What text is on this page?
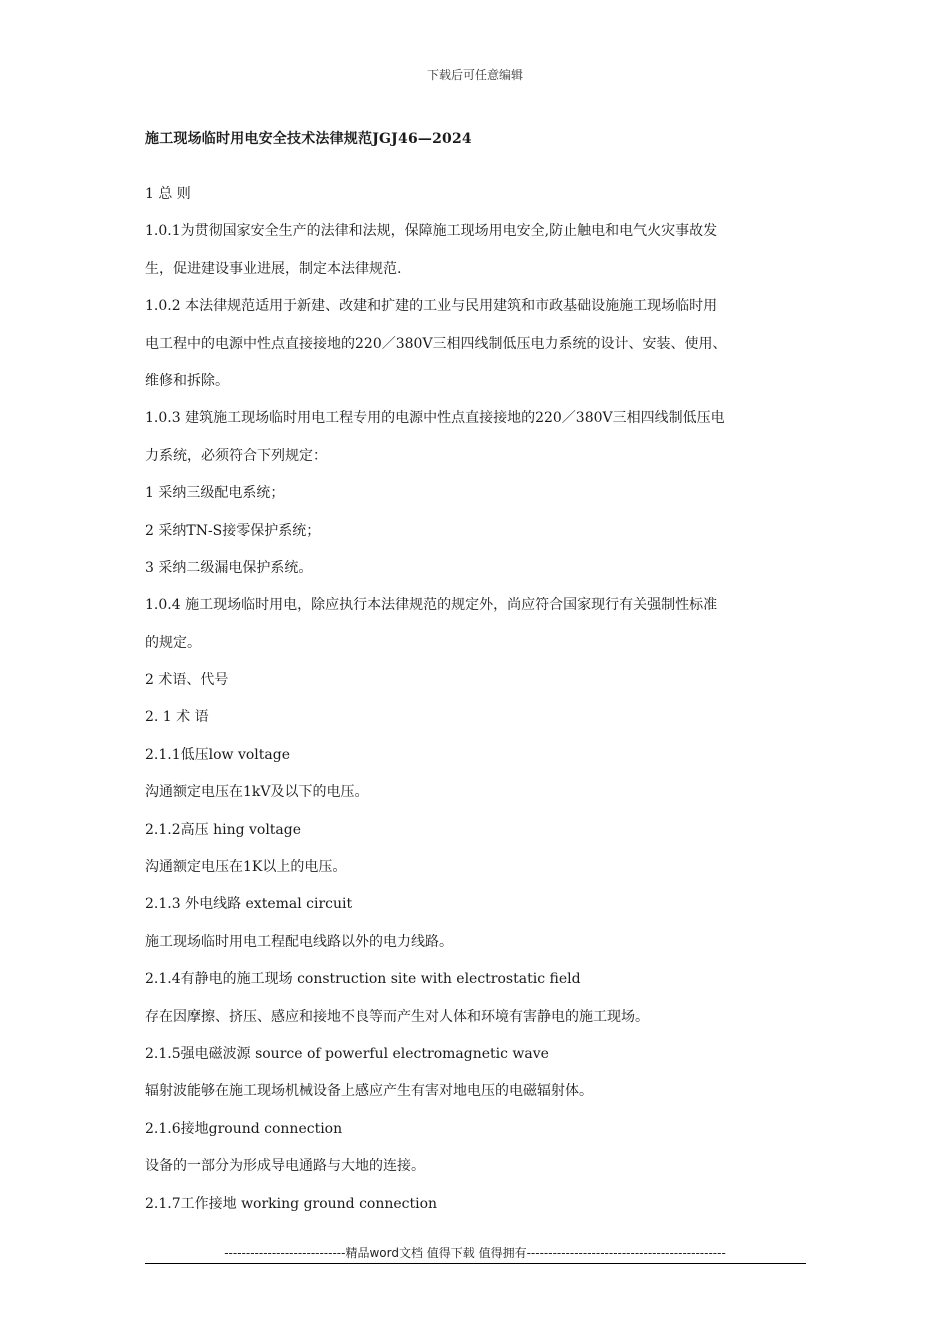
下载后可任意编辑
施工现场临时用电安全技术法律规范JGJ46—2024
1 总 则
1.0.1为贯彻国家安全生产的法律和法规，保障施工现场用电安全,防止触电和电气火灾事故发
生，促进建设事业进展，制定本法律规范.
1.0.2 本法律规范适用于新建、改建和扩建的工业与民用建筑和市政基础设施施工现场临时用
电工程中的电源中性点直接接地的220／380V三相四线制低压电力系统的设计、安装、使用、
维修和拆除。
1.0.3 建筑施工现场临时用电工程专用的电源中性点直接接地的220／380V三相四线制低压电
力系统，必须符合下列规定：
1 采纳三级配电系统；
2 采纳TN-S接零保护系统；
3 采纳二级漏电保护系统。
1.0.4 施工现场临时用电，除应执行本法律规范的规定外，尚应符合国家现行有关强制性标准
的规定。
2 术语、代号
2. 1 术 语
2.1.1低压low voltage
沟通额定电压在1kV及以下的电压。
2.1.2高压 hing voltage
沟通额定电压在1K以上的电压。
2.1.3 外电线路 extemal circuit
施工现场临时用电工程配电线路以外的电力线路。
2.1.4有静电的施工现场 construction site with electrostatic field
存在因摩擦、挤压、感应和接地不良等而产生对人体和环境有害静电的施工现场。
2.1.5强电磁波源 source of powerful electromagnetic wave
辐射波能够在施工现场机械设备上感应产生有害对地电压的电磁辐射体。
2.1.6接地ground connection
设备的一部分为形成导电通路与大地的连接。
2.1.7工作接地 working ground connection
----------------------------精品word文档 值得下载 值得拥有----------------------------------------------
